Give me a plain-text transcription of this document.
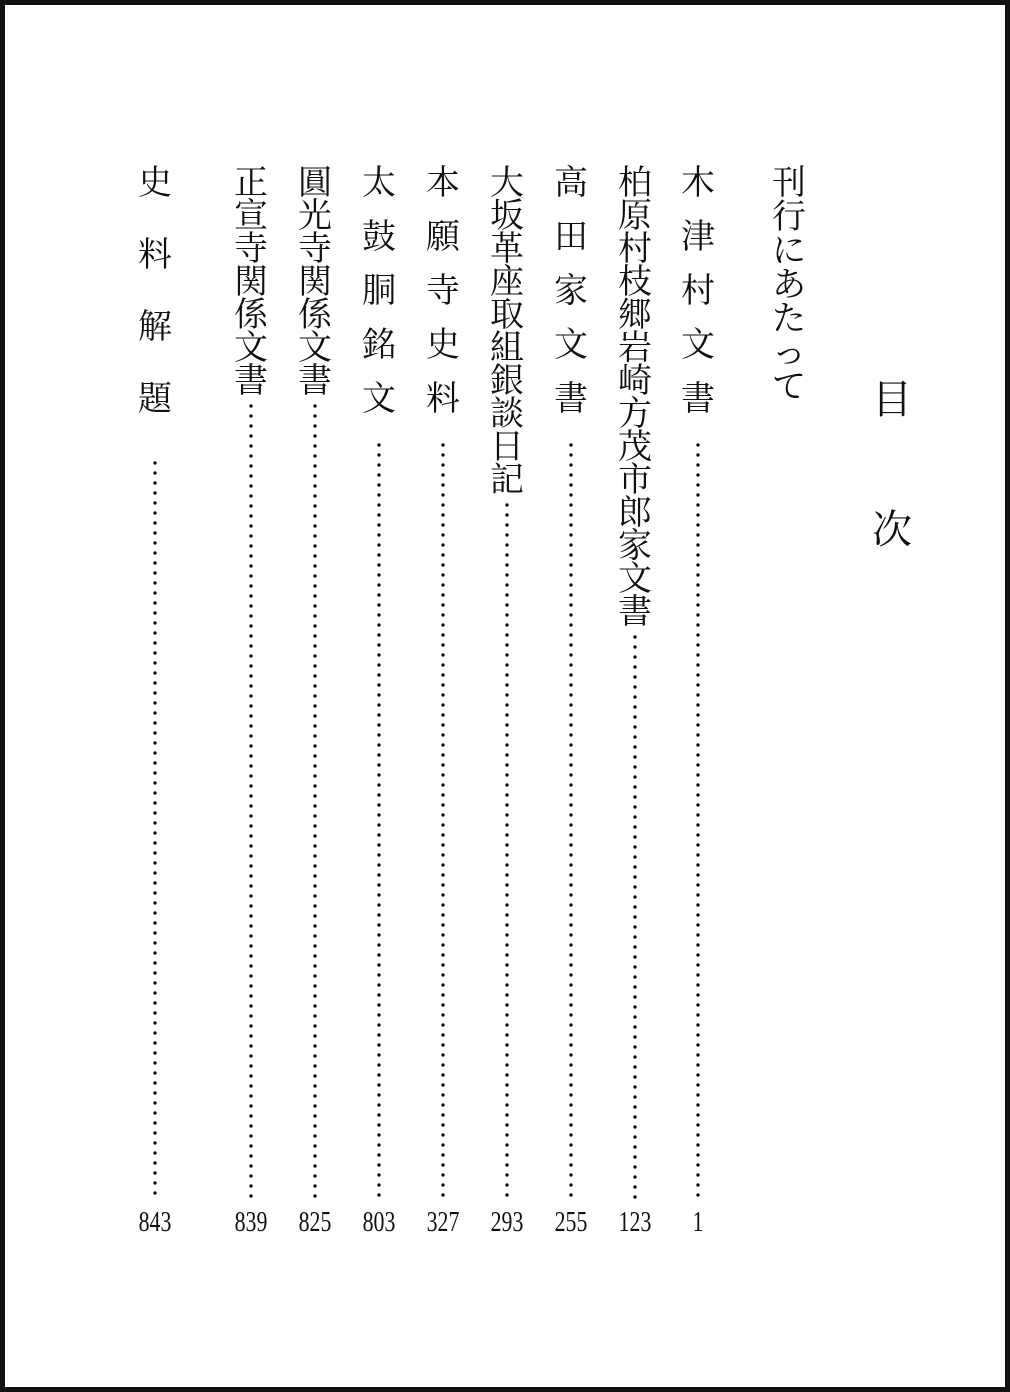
目
次
刊
行
に
あ
た
っ
て
木
津
村
文
書
1
柏
原
村
枝
郷
岩
崎
方
茂
市
郎
家
文
書
123
高
田
家
文
書
255
大
坂
革
座
取
組
銀
談
日
記
293
本
願
寺
史
料
327
太
鼓
胴
銘
文
803
圓
光
寺
関
係
文
書
825
正
宣
寺
関
係
文
書
839
史
料
解
題
843
